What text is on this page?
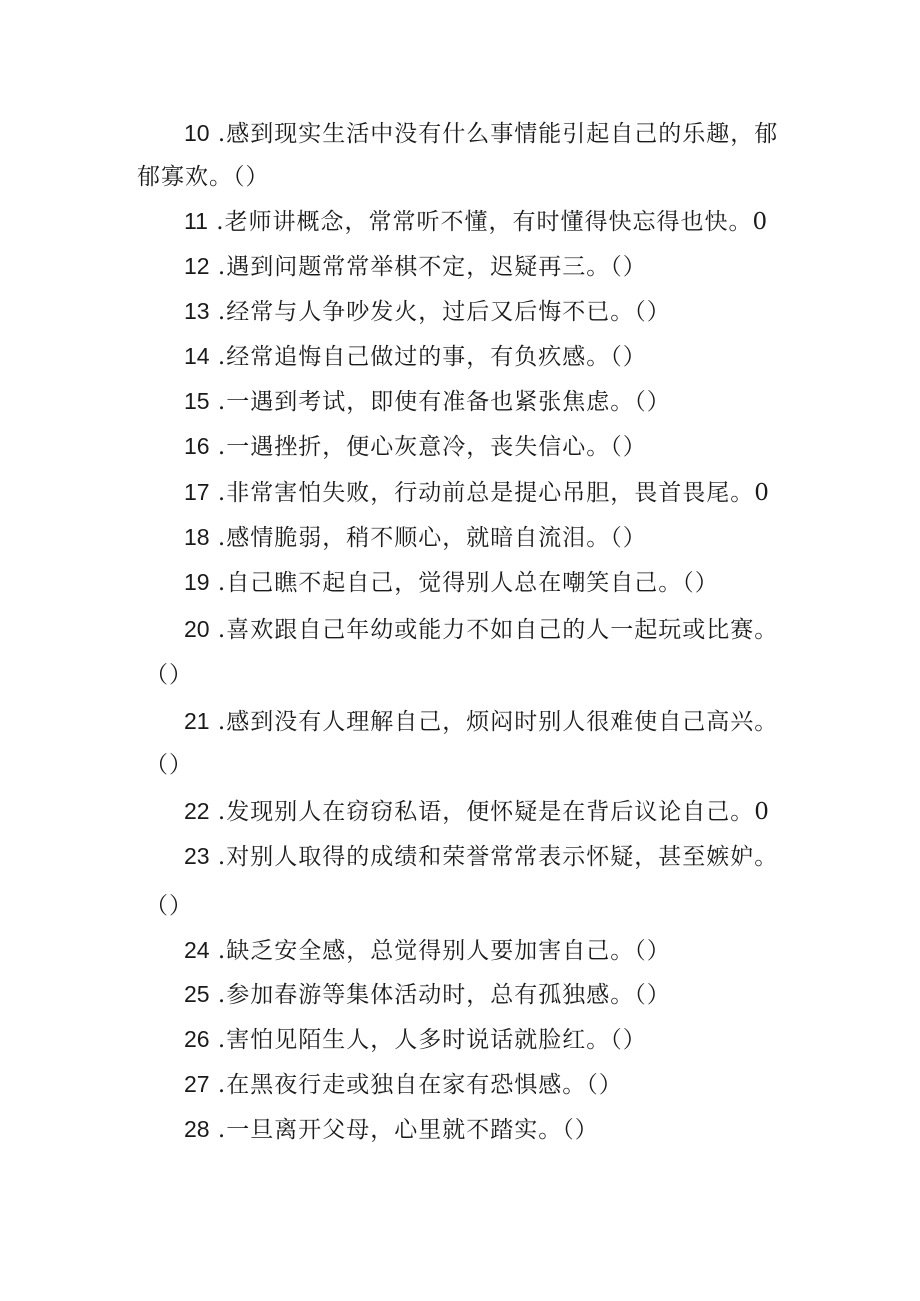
10 .感到现实生活中没有什么事情能引起自己的乐趣，郁
郁寡欢。（）
11 .老师讲概念，常常听不懂，有时懂得快忘得也快。0
12 .遇到问题常常举棋不定，迟疑再三。（）
13 .经常与人争吵发火，过后又后悔不已。（）
14 .经常追悔自己做过的事，有负疚感。（）
15 .一遇到考试，即使有准备也紧张焦虑。（）
16 .一遇挫折，便心灰意冷，丧失信心。（）
17 .非常害怕失败，行动前总是提心吊胆，畏首畏尾。0
18 .感情脆弱，稍不顺心，就暗自流泪。（）
19 .自己瞧不起自己，觉得别人总在嘲笑自己。（）
20 .喜欢跟自己年幼或能力不如自己的人一起玩或比赛。
（）
21 .感到没有人理解自己，烦闷时别人很难使自己高兴。
（）
22 .发现别人在窃窃私语，便怀疑是在背后议论自己。0
23 .对别人取得的成绩和荣誉常常表示怀疑，甚至嫉妒。
（）
24 .缺乏安全感，总觉得别人要加害自己。（）
25 .参加春游等集体活动时，总有孤独感。（）
26 .害怕见陌生人，人多时说话就脸红。（）
27 .在黑夜行走或独自在家有恐惧感。（）
28 .一旦离开父母，心里就不踏实。（）
